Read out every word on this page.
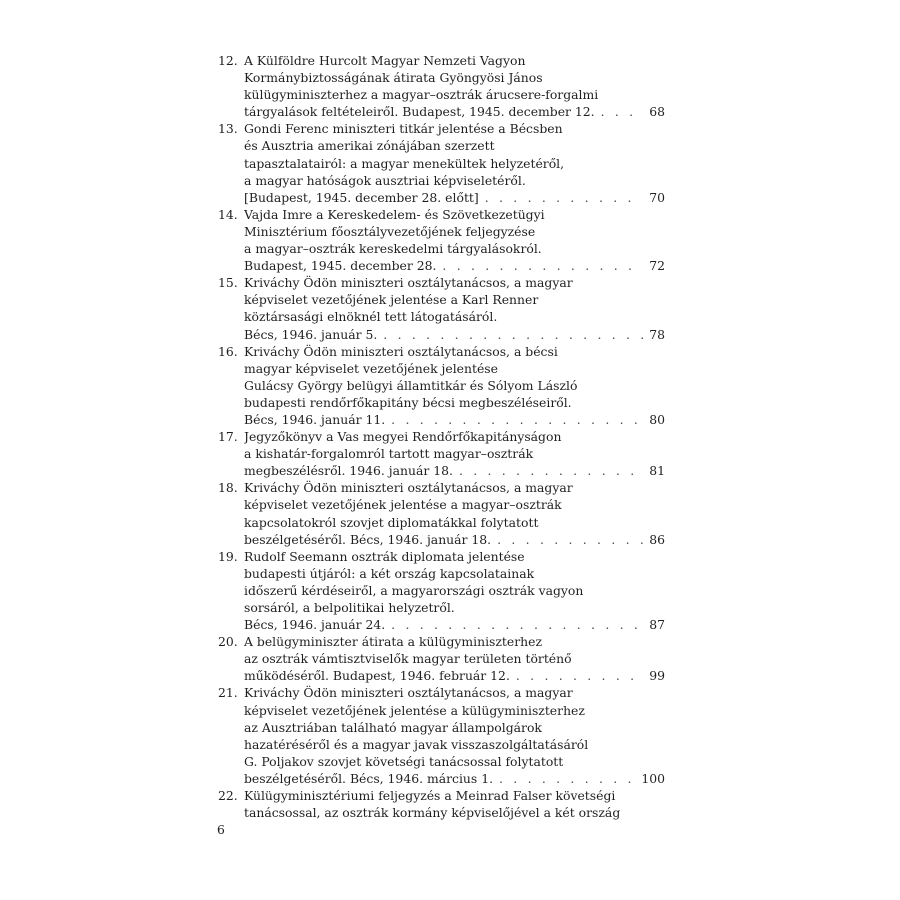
12. A Külföldre Hurcolt Magyar Nemzeti Vagyon
Kormánybiztosságának átirata Gyöngyösi János
külügyminiszterhez a magyar–osztrák árucsere-forgalmi
tárgyalások feltételeiről. Budapest, 1945. december 12. . . .	68
13. Gondi Ferenc miniszteri titkár jelentése a Bécsben
és Ausztria amerikai zónájában szerzett
tapasztalatairól: a magyar menekültek helyzetéről,
a magyar hatóságok ausztriai képviseletéről.
[Budapest, 1945. december 28. előtt] . . .	70
14. Vajda Imre a Kereskedelem- és Szövetkezetügyi
Minisztérium főosztályvezetőjének feljegyzése
a magyar–osztrák kereskedelmi tárgyalásokról.
Budapest, 1945. december 28. . . .	72
15. Kriváchy Ödön miniszteri osztálytanácsos, a magyar
képviselet vezetőjének jelentése a Karl Renner
köztársasági elnöknél tett látogatásáról.
Bécs, 1946. január 5. . . .	78
16. Kriváchy Ödön miniszteri osztálytanácsos, a bécsi
magyar képviselet vezetőjének jelentése
Gulácsy György belügyi államtitkár és Sólyom László
budapesti rendőrfőkapitány bécsi megbeszéléseiről.
Bécs, 1946. január 11. . . .	80
17. Jegyzőkönyv a Vas megyei Rendőrfőkapitányságon
a kishatár-forgalomról tartott magyar–osztrák
megbeszélésről. 1946. január 18. . . .	81
18. Kriváchy Ödön miniszteri osztálytanácsos, a magyar
képviselet vezetőjének jelentése a magyar–osztrák
kapcsolatokról szovjet diplomatákkal folytatott
beszélgetéséről. Bécs, 1946. január 18. . . .	86
19. Rudolf Seemann osztrák diplomata jelentése
budapesti útjáról: a két ország kapcsolatainak
időszerű kérdéseiről, a magyarországi osztrák vagyon
sorsáról, a belpolitikai helyzetről.
Bécs, 1946. január 24. . . .	87
20. A belügyminiszter átirata a külügyminiszterhez
az osztrák vámtisztviselők magyar területen történő
működéséről. Budapest, 1946. február 12. . . .	99
21. Kriváchy Ödön miniszteri osztálytanácsos, a magyar
képviselet vezetőjének jelentése a külügyminiszterhez
az Ausztriában található magyar állampolgárok
hazatéréséről és a magyar javak visszaszolgáltatásáról
G. Poljakov szovjet követségi tanácsossal folytatott
beszélgetéséről. Bécs, 1946. március 1. . . .	100
22. Külügyminisztériumi feljegyzés a Meinrad Falser követségi
tanácsossal, az osztrák kormány képviselőjével a két ország
6
